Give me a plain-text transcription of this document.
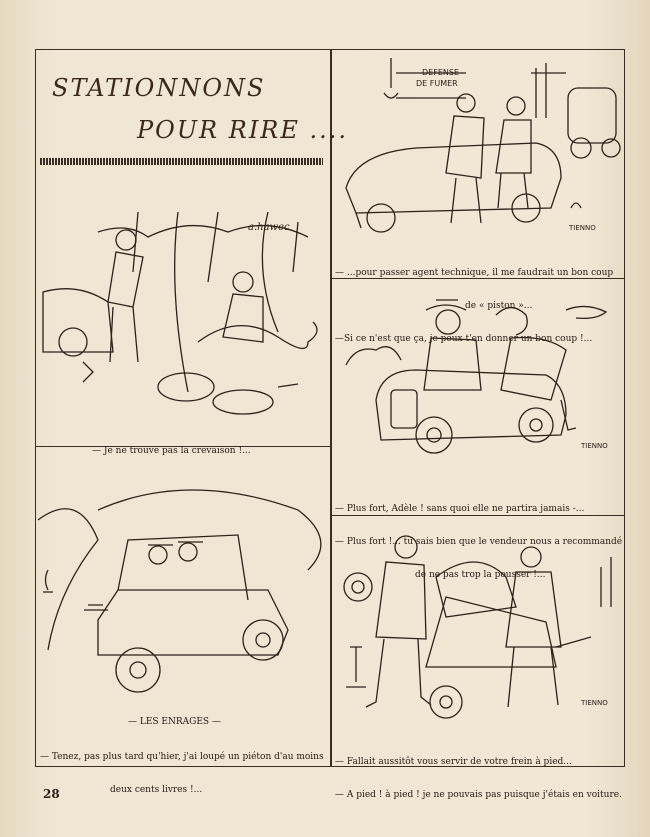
STATIONNONS
POUR RIRE ....
a.hawec

— Je ne trouve pas la crevaison !...

— LES ENRAGES —

— Tenez, pas plus tard qu'hier, j'ai loupé un piéton d'au moins

deux cents livres !...

DEFENSE
DE FUMER
TIENNO

— ...pour passer agent technique, il me faudrait un bon coup

de « piston »...

—Si ce n'est que ça, je peux t'en donner un bon coup !...

TIENNO

— Plus fort, Adèle ! sans quoi elle ne partira jamais -...

— Plus fort !... tu sais bien que le vendeur nous a recommandé

de ne pas trop la pousser !...

TIENNO

— Fallait aussitôt vous servir de votre frein à pied...

— A pied ! à pied ! je ne pouvais pas puisque j'étais en voiture.

28
